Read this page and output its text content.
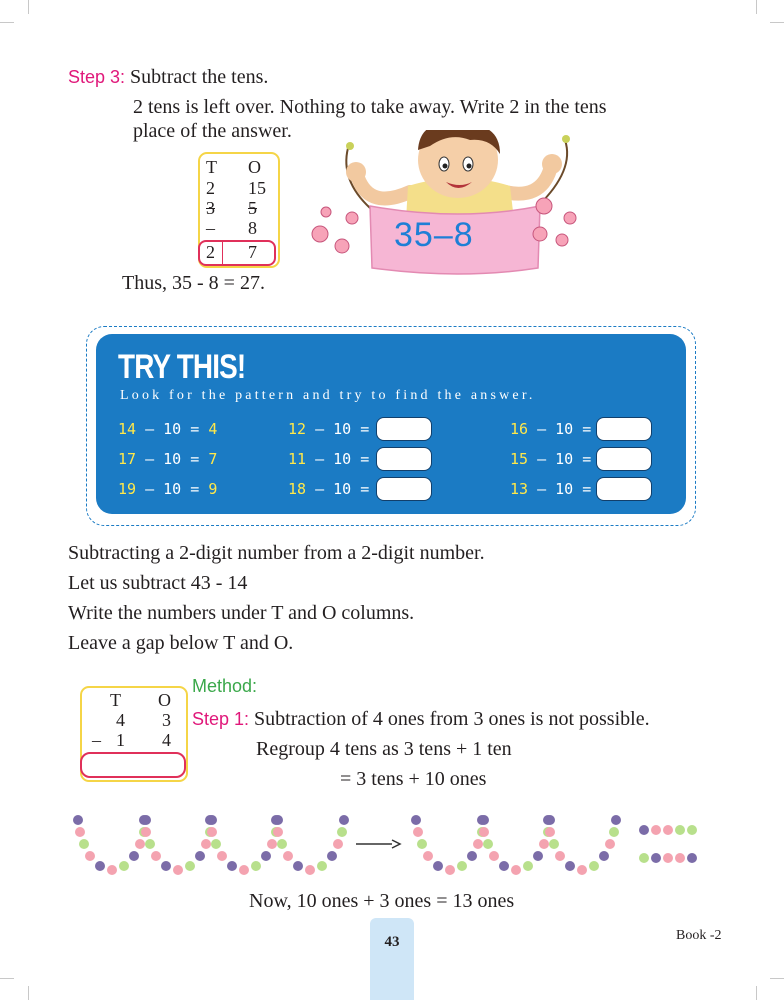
Step 3: Subtract the tens.
2 tens is left over. Nothing to take away. Write 2 in the tens
place of the answer.
T O
2 15
3 5
– 8
2 7
Thus, 35 - 8 = 27.
35–8
TRY THIS!
Look for the pattern and try to find the answer.
14 – 10 = 4
17 – 10 = 7
19 – 10 = 9
12 – 10 =
11 – 10 =
18 – 10 =
16 – 10 =
15 – 10 =
13 – 10 =
Subtracting a 2-digit number from a 2-digit number.
Let us subtract 43 - 14
Write the numbers under T and O columns.
Leave a gap below T and O.
T O
4 3
– 1 4
Method:
Step 1: Subtraction of 4 ones from 3 ones is not possible.
Regroup 4 tens as 3 tens + 1 ten
= 3 tens + 10 ones
Now, 10 ones + 3 ones = 13 ones
43	Book -2
